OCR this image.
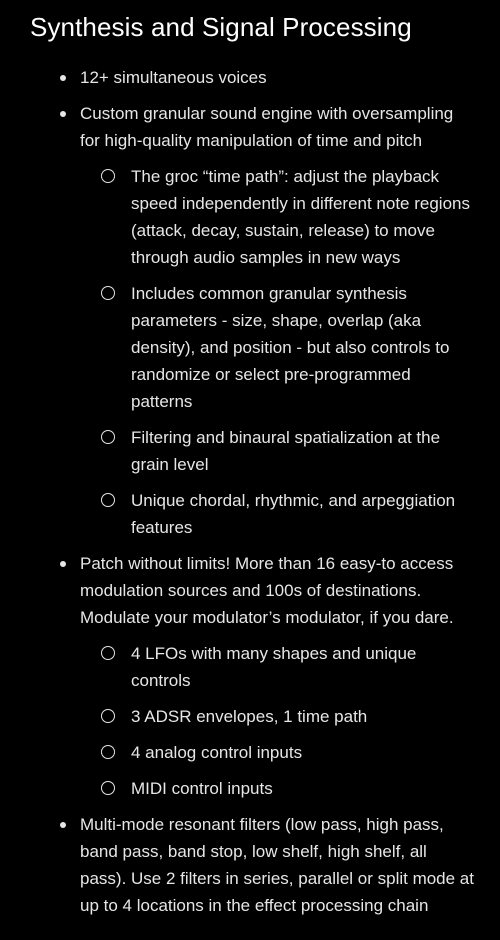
Synthesis and Signal Processing
12+ simultaneous voices
Custom granular sound engine with oversampling for high-quality manipulation of time and pitch
The groc “time path”: adjust the playback speed independently in different note regions (attack, decay, sustain, release) to move through audio samples in new ways
Includes common granular synthesis parameters - size, shape, overlap (aka density), and position - but also controls to randomize or select pre-programmed patterns
Filtering and binaural spatialization at the grain level
Unique chordal, rhythmic, and arpeggiation features
Patch without limits! More than 16 easy-to access modulation sources and 100s of destinations. Modulate your modulator’s modulator, if you dare.
4 LFOs with many shapes and unique controls
3 ADSR envelopes, 1 time path
4 analog control inputs
MIDI control inputs
Multi-mode resonant filters (low pass, high pass, band pass, band stop, low shelf, high shelf, all pass). Use 2 filters in series, parallel or split mode at up to 4 locations in the effect processing chain
